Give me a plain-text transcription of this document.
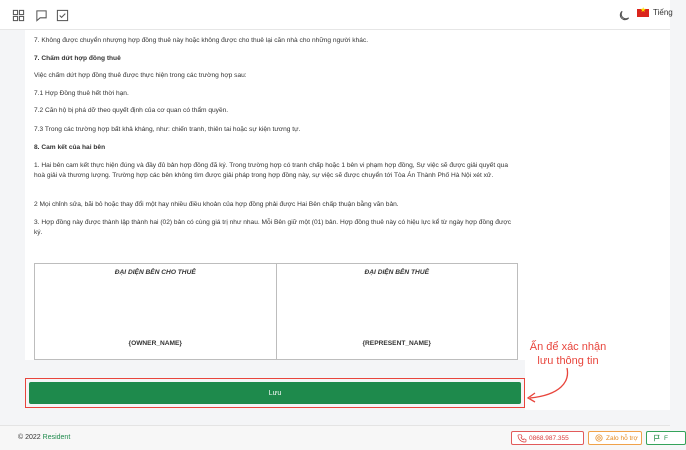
★
Tiếng
7. Không được chuyển nhượng hợp đồng thuê này hoặc không được cho thuê lại căn nhà cho những người khác.
7. Chấm dứt hợp đồng thuê
Việc chấm dứt hợp đồng thuê được thực hiện trong các trường hợp sau:
7.1 Hợp Đồng thuê hết thời hạn.
7.2 Căn hộ bị phá dỡ theo quyết định của cơ quan có thẩm quyền.
7.3 Trong các trường hợp bất khả kháng, như: chiến tranh, thiên tai hoặc sự kiện tương tự.
8. Cam kết của hai bên
1. Hai bên cam kết thực hiện đúng và đầy đủ bản hợp đồng đã ký. Trong trường hợp có tranh chấp hoặc 1 bên vi phạm hợp đồng, Sự việc sẽ được giải quyết qua hoà giải và thương lượng. Trường hợp các bên không tìm được giải pháp trong hợp đồng này, sự việc sẽ được chuyển tới Tòa Án Thành Phố Hà Nội xét xử.
2 Mọi chỉnh sửa, bãi bỏ hoặc thay đổi một hay nhiều điều khoản của hợp đồng phải được Hai Bên chấp thuận bằng văn bản.
3. Hợp đồng này được thành lập thành hai (02) bản có cùng giá trị như nhau. Mỗi Bên giữ một (01) bản. Hợp đồng thuê này có hiệu lực kể từ ngày hợp đồng được ký.
ĐẠI DIỆN BÊN CHO THUÊ
{OWNER_NAME}
ĐẠI DIỆN BÊN THUÊ
{REPRESENT_NAME}	Ấn để xác nhận
lưu thông tin
Lưu
© 2022 Resident	0868.987.355	Zalo hỗ trợ	F
